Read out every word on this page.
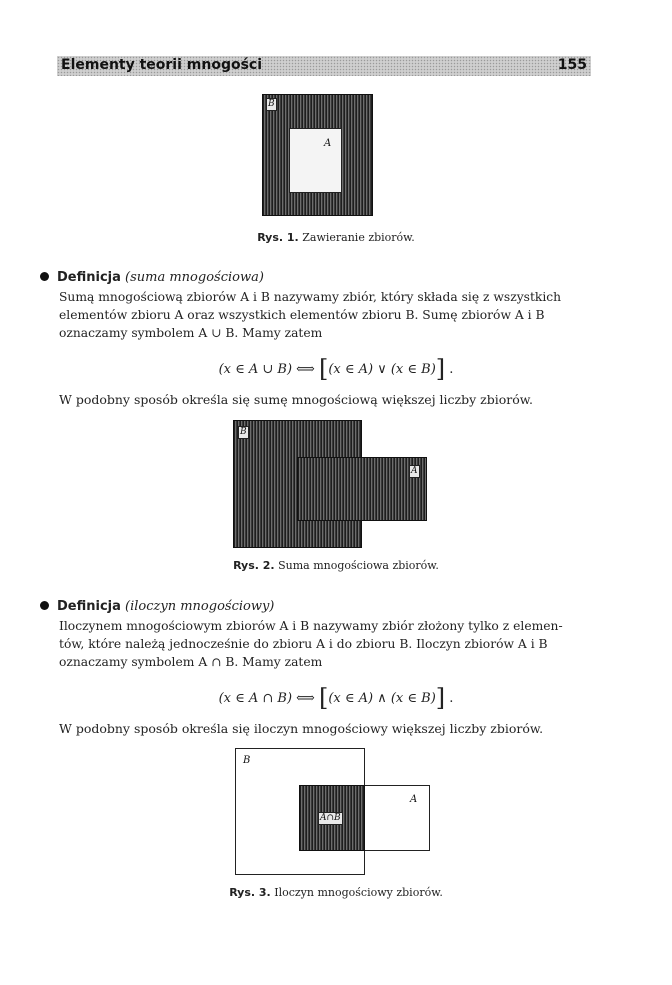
Elementy teorii mnogości	155
B
A
Rys. 1. Zawieranie zbiorów.
Definicja (suma mnogościowa)
Sumą mnogościową zbiorów A i B nazywamy zbiór, który składa się z wszystkich
elementów zbioru A oraz wszystkich elementów zbioru B. Sumę zbiorów A i B
oznaczamy symbolem A ∪ B. Mamy zatem
(x ∈ A ∪ B) ⟺ [(x ∈ A) ∨ (x ∈ B)] .
W podobny sposób określa się sumę mnogościową większej liczby zbiorów.
B
A
Rys. 2. Suma mnogościowa zbiorów.
Definicja (iloczyn mnogościowy)
Iloczynem mnogościowym zbiorów A i B nazywamy zbiór złożony tylko z elemen-
tów, które należą jednocześnie do zbioru A i do zbioru B. Iloczyn zbiorów A i B
oznaczamy symbolem A ∩ B. Mamy zatem
(x ∈ A ∩ B) ⟺ [(x ∈ A) ∧ (x ∈ B)] .
W podobny sposób określa się iloczyn mnogościowy większej liczby zbiorów.
B
A
A∩B
Rys. 3. Iloczyn mnogościowy zbiorów.
